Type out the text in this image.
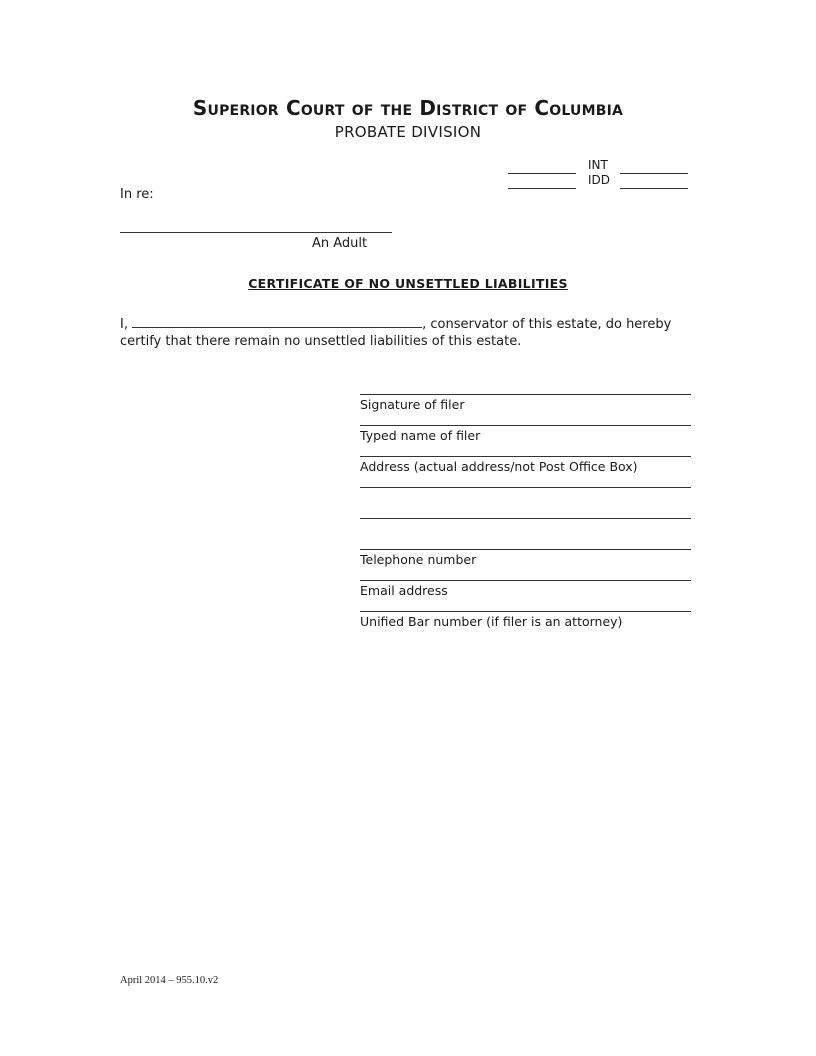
Superior Court of the District of Columbia
PROBATE DIVISION
INT
IDD
In re:
An Adult
CERTIFICATE OF NO UNSETTLED LIABILITIES
I,	, conservator of this estate, do hereby certify that there remain no unsettled liabilities of this estate.
Signature of filer
Typed name of filer
Address (actual address/not Post Office Box)
Telephone number
Email address
Unified Bar number (if filer is an attorney)
April 2014 – 955.10.v2
